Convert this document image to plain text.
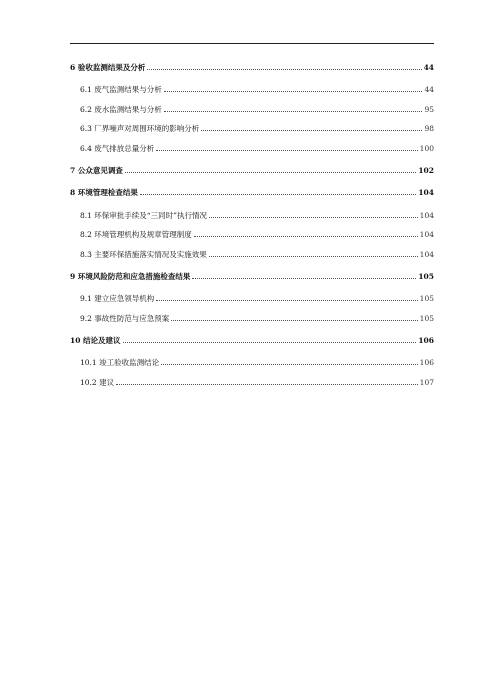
6 验收监测结果及分析	44
6.1 废气监测结果与分析	44
6.2 废水监测结果与分析	95
6.3 厂界噪声对周围环境的影响分析	98
6.4 废气排放总量分析	100
7 公众意见调查	102
8 环境管理检查结果	104
8.1 环保审批手续及“三同时”执行情况	104
8.2 环境管理机构及规章管理制度	104
8.3 主要环保措施落实情况及实施效果	104
9 环境风险防范和应急措施检查结果	105
9.1 建立应急领导机构	105
9.2 事故性防范与应急预案	105
10 结论及建议	106
10.1 竣工验收监测结论	106
10.2 建议	107
